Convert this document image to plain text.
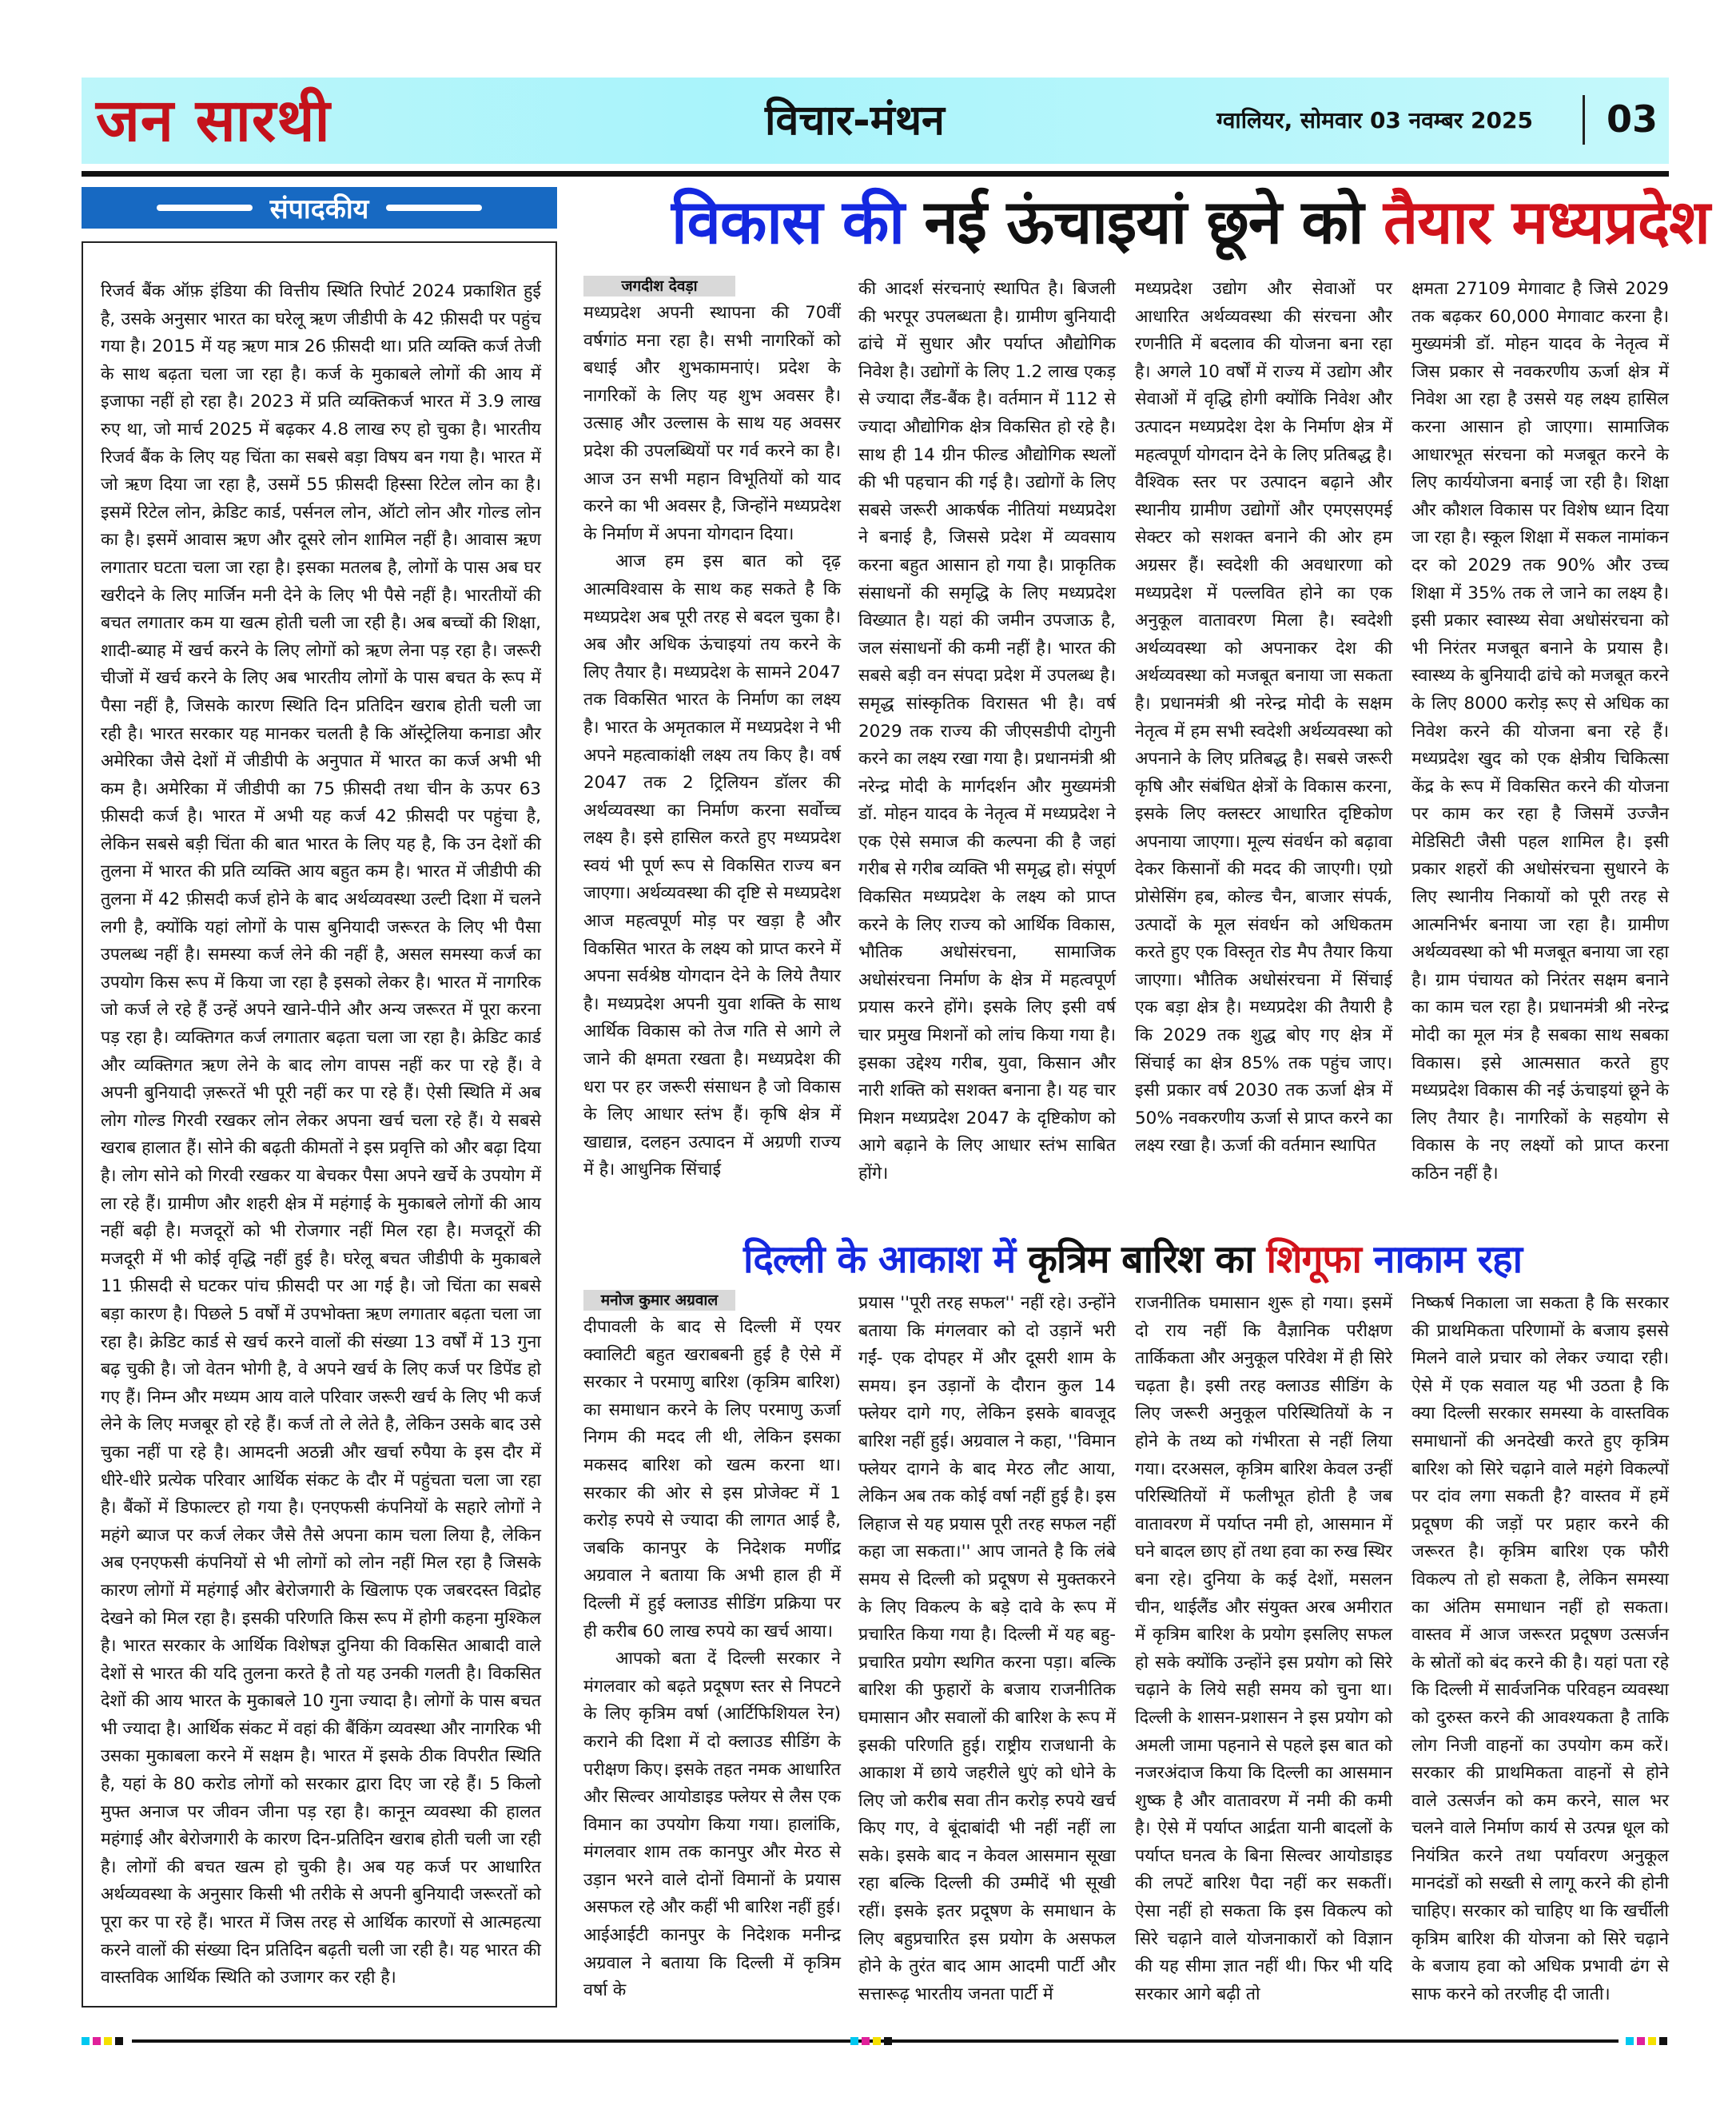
जन सारथी	विचार-मंथन	ग्वालियर, सोमवार 03 नवम्बर 2025 03
संपादकीय

रिजर्व बैंक ऑफ़ इंडिया की वित्तीय स्थिति रिपोर्ट 2024 प्रकाशित हुई है, उसके अनुसार भारत का घरेलू ऋण जीडीपी के 42 फ़ीसदी पर पहुंच गया है। 2015 में यह ऋण मात्र 26 फ़ीसदी था। प्रति व्यक्ति कर्ज तेजी के साथ बढ़ता चला जा रहा है। कर्ज के मुकाबले लोगों की आय में इजाफा नहीं हो रहा है। 2023 में प्रति व्यक्तिकर्ज भारत में 3.9 लाख रुए था, जो मार्च 2025 में बढ़कर 4.8 लाख रुए हो चुका है। भारतीय रिजर्व बैंक के लिए यह चिंता का सबसे बड़ा विषय बन गया है। भारत में जो ऋण दिया जा रहा है, उसमें 55 फ़ीसदी हिस्सा रिटेल लोन का है। इसमें रिटेल लोन, क्रेडिट कार्ड, पर्सनल लोन, ऑटो लोन और गोल्ड लोन का है। इसमें आवास ऋण और दूसरे लोन शामिल नहीं है। आवास ऋण लगातार घटता चला जा रहा है। इसका मतलब है, लोगों के पास अब घर खरीदने के लिए मार्जिन मनी देने के लिए भी पैसे नहीं है। भारतीयों की बचत लगातार कम या खत्म होती चली जा रही है। अब बच्चों की शिक्षा, शादी-ब्याह में खर्च करने के लिए लोगों को ऋण लेना पड़ रहा है। जरूरी चीजों में खर्च करने के लिए अब भारतीय लोगों के पास बचत के रूप में पैसा नहीं है, जिसके कारण स्थिति दिन प्रतिदिन खराब होती चली जा रही है। भारत सरकार यह मानकर चलती है कि ऑस्ट्रेलिया कनाडा और अमेरिका जैसे देशों में जीडीपी के अनुपात में भारत का कर्ज अभी भी कम है। अमेरिका में जीडीपी का 75 फ़ीसदी तथा चीन के ऊपर 63 फ़ीसदी कर्ज है। भारत में अभी यह कर्ज 42 फ़ीसदी पर पहुंचा है, लेकिन सबसे बड़ी चिंता की बात भारत के लिए यह है, कि उन देशों की तुलना में भारत की प्रति व्यक्ति आय बहुत कम है। भारत में जीडीपी की तुलना में 42 फ़ीसदी कर्ज होने के बाद अर्थव्यवस्था उल्टी दिशा में चलने लगी है, क्योंकि यहां लोगों के पास बुनियादी जरूरत के लिए भी पैसा उपलब्ध नहीं है। समस्या कर्ज लेने की नहीं है, असल समस्या कर्ज का उपयोग किस रूप में किया जा रहा है इसको लेकर है। भारत में नागरिक जो कर्ज ले रहे हैं उन्हें अपने खाने-पीने और अन्य जरूरत में पूरा करना पड़ रहा है। व्यक्तिगत कर्ज लगातार बढ़ता चला जा रहा है। क्रेडिट कार्ड और व्यक्तिगत ऋण लेने के बाद लोग वापस नहीं कर पा रहे हैं। वे अपनी बुनियादी ज़रूरतें भी पूरी नहीं कर पा रहे हैं। ऐसी स्थिति में अब लोग गोल्ड गिरवी रखकर लोन लेकर अपना खर्च चला रहे हैं। ये सबसे खराब हालात हैं। सोने की बढ़ती कीमतों ने इस प्रवृत्ति को और बढ़ा दिया है। लोग सोने को गिरवी रखकर या बेचकर पैसा अपने खर्चे के उपयोग में ला रहे हैं। ग्रामीण और शहरी क्षेत्र में महंगाई के मुकाबले लोगों की आय नहीं बढ़ी है। मजदूरों को भी रोजगार नहीं मिल रहा है। मजदूरों की मजदूरी में भी कोई वृद्धि नहीं हुई है। घरेलू बचत जीडीपी के मुकाबले 11 फ़ीसदी से घटकर पांच फ़ीसदी पर आ गई है। जो चिंता का सबसे बड़ा कारण है। पिछले 5 वर्षों में उपभोक्ता ऋण लगातार बढ़ता चला जा रहा है। क्रेडिट कार्ड से खर्च करने वालों की संख्या 13 वर्षों में 13 गुना बढ़ चुकी है। जो वेतन भोगी है, वे अपने खर्च के लिए कर्ज पर डिपेंड हो गए हैं। निम्न और मध्यम आय वाले परिवार जरूरी खर्च के लिए भी कर्ज लेने के लिए मजबूर हो रहे हैं। कर्ज तो ले लेते है, लेकिन उसके बाद उसे चुका नहीं पा रहे है। आमदनी अठन्नी और खर्चा रुपैया के इस दौर में धीरे-धीरे प्रत्येक परिवार आर्थिक संकट के दौर में पहुंचता चला जा रहा है। बैंकों में डिफाल्टर हो गया है। एनएफसी कंपनियों के सहारे लोगों ने महंगे ब्याज पर कर्ज लेकर जैसे तैसे अपना काम चला लिया है, लेकिन अब एनएफसी कंपनियों से भी लोगों को लोन नहीं मिल रहा है जिसके कारण लोगों में महंगाई और बेरोजगारी के खिलाफ एक जबरदस्त विद्रोह देखने को मिल रहा है। इसकी परिणति किस रूप में होगी कहना मुश्किल है। भारत सरकार के आर्थिक विशेषज्ञ दुनिया की विकसित आबादी वाले देशों से भारत की यदि तुलना करते है तो यह उनकी गलती है। विकसित देशों की आय भारत के मुकाबले 10 गुना ज्यादा है। लोगों के पास बचत भी ज्यादा है। आर्थिक संकट में वहां की बैंकिंग व्यवस्था और नागरिक भी उसका मुकाबला करने में सक्षम है। भारत में इसके ठीक विपरीत स्थिति है, यहां के 80 करोड लोगों को सरकार द्वारा दिए जा रहे हैं। 5 किलो मुफ्त अनाज पर जीवन जीना पड़ रहा है। कानून व्यवस्था की हालत महंगाई और बेरोजगारी के कारण दिन-प्रतिदिन खराब होती चली जा रही है। लोगों की बचत खत्म हो चुकी है। अब यह कर्ज पर आधारित अर्थव्यवस्था के अनुसार किसी भी तरीके से अपनी बुनियादी जरूरतों को पूरा कर पा रहे हैं। भारत में जिस तरह से आर्थिक कारणों से आत्महत्या करने वालों की संख्या दिन प्रतिदिन बढ़ती चली जा रही है। यह भारत की वास्तविक आर्थिक स्थिति को उजागर कर रही है।

विकास की नई ऊंचाइयां छूने को तैयार मध्यप्रदेश
जगदीश देवड़ा

मध्यप्रदेश अपनी स्थापना की 70वीं वर्षगांठ मना रहा है। सभी नागरिकों को बधाई और शुभकामनाएं। प्रदेश के नागरिकों के लिए यह शुभ अवसर है। उत्साह और उल्लास के साथ यह अवसर प्रदेश की उपलब्धियों पर गर्व करने का है। आज उन सभी महान विभूतियों को याद करने का भी अवसर है, जिन्होंने मध्यप्रदेश के निर्माण में अपना योगदान दिया।

आज हम इस बात को दृढ़ आत्मविश्वास के साथ कह सकते है कि मध्यप्रदेश अब पूरी तरह से बदल चुका है। अब और अधिक ऊंचाइयां तय करने के लिए तैयार है। मध्यप्रदेश के सामने 2047 तक विकसित भारत के निर्माण का लक्ष्य है। भारत के अमृतकाल में मध्यप्रदेश ने भी अपने महत्वाकांक्षी लक्ष्य तय किए है। वर्ष 2047 तक 2 ट्रिलियन डॉलर की अर्थव्यवस्था का निर्माण करना सर्वोच्च लक्ष्य है। इसे हासिल करते हुए मध्यप्रदेश स्वयं भी पूर्ण रूप से विकसित राज्य बन जाएगा। अर्थव्यवस्था की दृष्टि से मध्यप्रदेश आज महत्वपूर्ण मोड़ पर खड़ा है और विकसित भारत के लक्ष्य को प्राप्त करने में अपना सर्वश्रेष्ठ योगदान देने के लिये तैयार है। मध्यप्रदेश अपनी युवा शक्ति के साथ आर्थिक विकास को तेज गति से आगे ले जाने की क्षमता रखता है। मध्यप्रदेश की धरा पर हर जरूरी संसाधन है जो विकास के लिए आधार स्तंभ हैं। कृषि क्षेत्र में खाद्यान्न, दलहन उत्पादन में अग्रणी राज्य में है। आधुनिक सिंचाई

की आदर्श संरचनाएं स्थापित है। बिजली की भरपूर उपलब्धता है। ग्रामीण बुनियादी ढांचे में सुधार और पर्याप्त औद्योगिक निवेश है। उद्योगों के लिए 1.2 लाख एकड़ से ज्यादा लैंड-बैंक है। वर्तमान में 112 से ज्यादा औद्योगिक क्षेत्र विकसित हो रहे है। साथ ही 14 ग्रीन फील्ड औद्योगिक स्थलों की भी पहचान की गई है। उद्योगों के लिए सबसे जरूरी आकर्षक नीतियां मध्यप्रदेश ने बनाई है, जिससे प्रदेश में व्यवसाय करना बहुत आसान हो गया है। प्राकृतिक संसाधनों की समृद्धि के लिए मध्यप्रदेश विख्यात है। यहां की जमीन उपजाऊ है, जल संसाधनों की कमी नहीं है। भारत की सबसे बड़ी वन संपदा प्रदेश में उपलब्ध है। समृद्ध सांस्कृतिक विरासत भी है। वर्ष 2029 तक राज्य की जीएसडीपी दोगुनी करने का लक्ष्य रखा गया है। प्रधानमंत्री श्री नरेन्द्र मोदी के मार्गदर्शन और मुख्यमंत्री डॉ. मोहन यादव के नेतृत्व में मध्यप्रदेश ने एक ऐसे समाज की कल्पना की है जहां गरीब से गरीब व्यक्ति भी समृद्ध हो। संपूर्ण विकसित मध्यप्रदेश के लक्ष्य को प्राप्त करने के लिए राज्य को आर्थिक विकास, भौतिक अधोसंरचना, सामाजिक अधोसंरचना निर्माण के क्षेत्र में महत्वपूर्ण प्रयास करने होंगे। इसके लिए इसी वर्ष चार प्रमुख मिशनों को लांच किया गया है। इसका उद्देश्य गरीब, युवा, किसान और नारी शक्ति को सशक्त बनाना है। यह चार मिशन मध्यप्रदेश 2047 के दृष्टिकोण को आगे बढ़ाने के लिए आधार स्तंभ साबित होंगे।

मध्यप्रदेश उद्योग और सेवाओं पर आधारित अर्थव्यवस्था की संरचना और रणनीति में बदलाव की योजना बना रहा है। अगले 10 वर्षों में राज्य में उद्योग और सेवाओं में वृद्धि होगी क्योंकि निवेश और उत्पादन मध्यप्रदेश देश के निर्माण क्षेत्र में महत्वपूर्ण योगदान देने के लिए प्रतिबद्ध है। वैश्विक स्तर पर उत्पादन बढ़ाने और स्थानीय ग्रामीण उद्योगों और एमएसएमई सेक्टर को सशक्त बनाने की ओर हम अग्रसर हैं। स्वदेशी की अवधारणा को मध्यप्रदेश में पल्लवित होने का एक अनुकूल वातावरण मिला है। स्वदेशी अर्थव्यवस्था को अपनाकर देश की अर्थव्यवस्था को मजबूत बनाया जा सकता है। प्रधानमंत्री श्री नरेन्द्र मोदी के सक्षम नेतृत्व में हम सभी स्वदेशी अर्थव्यवस्था को अपनाने के लिए प्रतिबद्ध है। सबसे जरूरी कृषि और संबंधित क्षेत्रों के विकास करना, इसके लिए क्लस्टर आधारित दृष्टिकोण अपनाया जाएगा। मूल्य संवर्धन को बढ़ावा देकर किसानों की मदद की जाएगी। एग्रो प्रोसेसिंग हब, कोल्ड चैन, बाजार संपर्क, उत्पादों के मूल संवर्धन को अधिकतम करते हुए एक विस्तृत रोड मैप तैयार किया जाएगा। भौतिक अधोसंरचना में सिंचाई एक बड़ा क्षेत्र है। मध्यप्रदेश की तैयारी है कि 2029 तक शुद्ध बोए गए क्षेत्र में सिंचाई का क्षेत्र 85% तक पहुंच जाए। इसी प्रकार वर्ष 2030 तक ऊर्जा क्षेत्र में 50% नवकरणीय ऊर्जा से प्राप्त करने का लक्ष्य रखा है। ऊर्जा की वर्तमान स्थापित

क्षमता 27109 मेगावाट है जिसे 2029 तक बढ़कर 60,000 मेगावाट करना है। मुख्यमंत्री डॉ. मोहन यादव के नेतृत्व में जिस प्रकार से नवकरणीय ऊर्जा क्षेत्र में निवेश आ रहा है उससे यह लक्ष्य हासिल करना आसान हो जाएगा। सामाजिक आधारभूत संरचना को मजबूत करने के लिए कार्ययोजना बनाई जा रही है। शिक्षा और कौशल विकास पर विशेष ध्यान दिया जा रहा है। स्कूल शिक्षा में सकल नामांकन दर को 2029 तक 90% और उच्च शिक्षा में 35% तक ले जाने का लक्ष्य है। इसी प्रकार स्वास्थ्य सेवा अधोसंरचना को भी निरंतर मजबूत बनाने के प्रयास है। स्वास्थ्य के बुनियादी ढांचे को मजबूत करने के लिए 8000 करोड़ रूए से अधिक का निवेश करने की योजना बना रहे हैं। मध्यप्रदेश खुद को एक क्षेत्रीय चिकित्सा केंद्र के रूप में विकसित करने की योजना पर काम कर रहा है जिसमें उज्जैन मेडिसिटी जैसी पहल शामिल है। इसी प्रकार शहरों की अधोसंरचना सुधारने के लिए स्थानीय निकायों को पूरी तरह से आत्मनिर्भर बनाया जा रहा है। ग्रामीण अर्थव्यवस्था को भी मजबूत बनाया जा रहा है। ग्राम पंचायत को निरंतर सक्षम बनाने का काम चल रहा है। प्रधानमंत्री श्री नरेन्द्र मोदी का मूल मंत्र है सबका साथ सबका विकास। इसे आत्मसात करते हुए मध्यप्रदेश विकास की नई ऊंचाइयां छूने के लिए तैयार है। नागरिकों के सहयोग से विकास के नए लक्ष्यों को प्राप्त करना कठिन नहीं है।

दिल्ली के आकाश में कृत्रिम बारिश का शिगूफा नाकाम रहा
मनोज कुमार अग्रवाल

दीपावली के बाद से दिल्ली में एयर क्वालिटी बहुत खराबबनी हुई है ऐसे में सरकार ने परमाणु बारिश (कृत्रिम बारिश) का समाधान करने के लिए परमाणु ऊर्जा निगम की मदद ली थी, लेकिन इसका मकसद बारिश को खत्म करना था। सरकार की ओर से इस प्रोजेक्ट में 1 करोड़ रुपये से ज्यादा की लागत आई है, जबकि कानपुर के निदेशक मणींद्र अग्रवाल ने बताया कि अभी हाल ही में दिल्ली में हुई क्लाउड सीडिंग प्रक्रिया पर ही करीब 60 लाख रुपये का खर्च आया।

आपको बता दें दिल्ली सरकार ने मंगलवार को बढ़ते प्रदूषण स्तर से निपटने के लिए कृत्रिम वर्षा (आर्टिफिशियल रेन) कराने की दिशा में दो क्लाउड सीडिंग के परीक्षण किए। इसके तहत नमक आधारित और सिल्वर आयोडाइड फ्लेयर से लैस एक विमान का उपयोग किया गया। हालांकि, मंगलवार शाम तक कानपुर और मेरठ से उड़ान भरने वाले दोनों विमानों के प्रयास असफल रहे और कहीं भी बारिश नहीं हुई। आईआईटी कानपुर के निदेशक मनीन्द्र अग्रवाल ने बताया कि दिल्ली में कृत्रिम वर्षा के

प्रयास ''पूरी तरह सफल'' नहीं रहे। उन्होंने बताया कि मंगलवार को दो उड़ानें भरी गईं- एक दोपहर में और दूसरी शाम के समय। इन उड़ानों के दौरान कुल 14 फ्लेयर दागे गए, लेकिन इसके बावजूद बारिश नहीं हुई। अग्रवाल ने कहा, ''विमान फ्लेयर दागने के बाद मेरठ लौट आया, लेकिन अब तक कोई वर्षा नहीं हुई है। इस लिहाज से यह प्रयास पूरी तरह सफल नहीं कहा जा सकता।'' आप जानते है कि लंबे समय से दिल्ली को प्रदूषण से मुक्तकरने के लिए विकल्प के बड़े दावे के रूप में प्रचारित किया गया है। दिल्ली में यह बहु-प्रचारित प्रयोग स्थगित करना पड़ा। बल्कि बारिश की फुहारों के बजाय राजनीतिक घमासान और सवालों की बारिश के रूप में इसकी परिणति हुई। राष्ट्रीय राजधानी के आकाश में छाये जहरीले धुएं को धोने के लिए जो करीब सवा तीन करोड़ रुपये खर्च किए गए, वे बूंदाबांदी भी नहीं नहीं ला सके। इसके बाद न केवल आसमान सूखा रहा बल्कि दिल्ली की उम्मीदें भी सूखी रहीं। इसके इतर प्रदूषण के समाधान के लिए बहुप्रचारित इस प्रयोग के असफल होने के तुरंत बाद आम आदमी पार्टी और सत्तारूढ़ भारतीय जनता पार्टी में

राजनीतिक घमासान शुरू हो गया। इसमें दो राय नहीं कि वैज्ञानिक परीक्षण तार्किकता और अनुकूल परिवेश में ही सिरे चढ़ता है। इसी तरह क्लाउड सीडिंग के लिए जरूरी अनुकूल परिस्थितियों के न होने के तथ्य को गंभीरता से नहीं लिया गया। दरअसल, कृत्रिम बारिश केवल उन्हीं परिस्थितियों में फलीभूत होती है जब वातावरण में पर्याप्त नमी हो, आसमान में घने बादल छाए हों तथा हवा का रुख स्थिर बना रहे। दुनिया के कई देशों, मसलन चीन, थाईलैंड और संयुक्त अरब अमीरात में कृत्रिम बारिश के प्रयोग इसलिए सफल हो सके क्योंकि उन्होंने इस प्रयोग को सिरे चढ़ाने के लिये सही समय को चुना था। दिल्ली के शासन-प्रशासन ने इस प्रयोग को अमली जामा पहनाने से पहले इस बात को नजरअंदाज किया कि दिल्ली का आसमान शुष्क है और वातावरण में नमी की कमी है। ऐसे में पर्याप्त आर्द्रता यानी बादलों के पर्याप्त घनत्व के बिना सिल्वर आयोडाइड की लपटें बारिश पैदा नहीं कर सकतीं। ऐसा नहीं हो सकता कि इस विकल्प को सिरे चढ़ाने वाले योजनाकारों को विज्ञान की यह सीमा ज्ञात नहीं थी। फिर भी यदि सरकार आगे बढ़ी तो

निष्कर्ष निकाला जा सकता है कि सरकार की प्राथमिकता परिणामों के बजाय इससे मिलने वाले प्रचार को लेकर ज्यादा रही। ऐसे में एक सवाल यह भी उठता है कि क्या दिल्ली सरकार समस्या के वास्तविक समाधानों की अनदेखी करते हुए कृत्रिम बारिश को सिरे चढ़ाने वाले महंगे विकल्पों पर दांव लगा सकती है? वास्तव में हमें प्रदूषण की जड़ों पर प्रहार करने की जरूरत है। कृत्रिम बारिश एक फौरी विकल्प तो हो सकता है, लेकिन समस्या का अंतिम समाधान नहीं हो सकता। वास्तव में आज जरूरत प्रदूषण उत्सर्जन के स्रोतों को बंद करने की है। यहां पता रहे कि दिल्ली में सार्वजनिक परिवहन व्यवस्था को दुरुस्त करने की आवश्यकता है ताकि लोग निजी वाहनों का उपयोग कम करें। सरकार की प्राथमिकता वाहनों से होने वाले उत्सर्जन को कम करने, साल भर चलने वाले निर्माण कार्य से उत्पन्न धूल को नियंत्रित करने तथा पर्यावरण अनुकूल मानदंडों को सख्ती से लागू करने की होनी चाहिए। सरकार को चाहिए था कि खर्चीली कृत्रिम बारिश की योजना को सिरे चढ़ाने के बजाय हवा को अधिक प्रभावी ढंग से साफ करने को तरजीह दी जाती।
